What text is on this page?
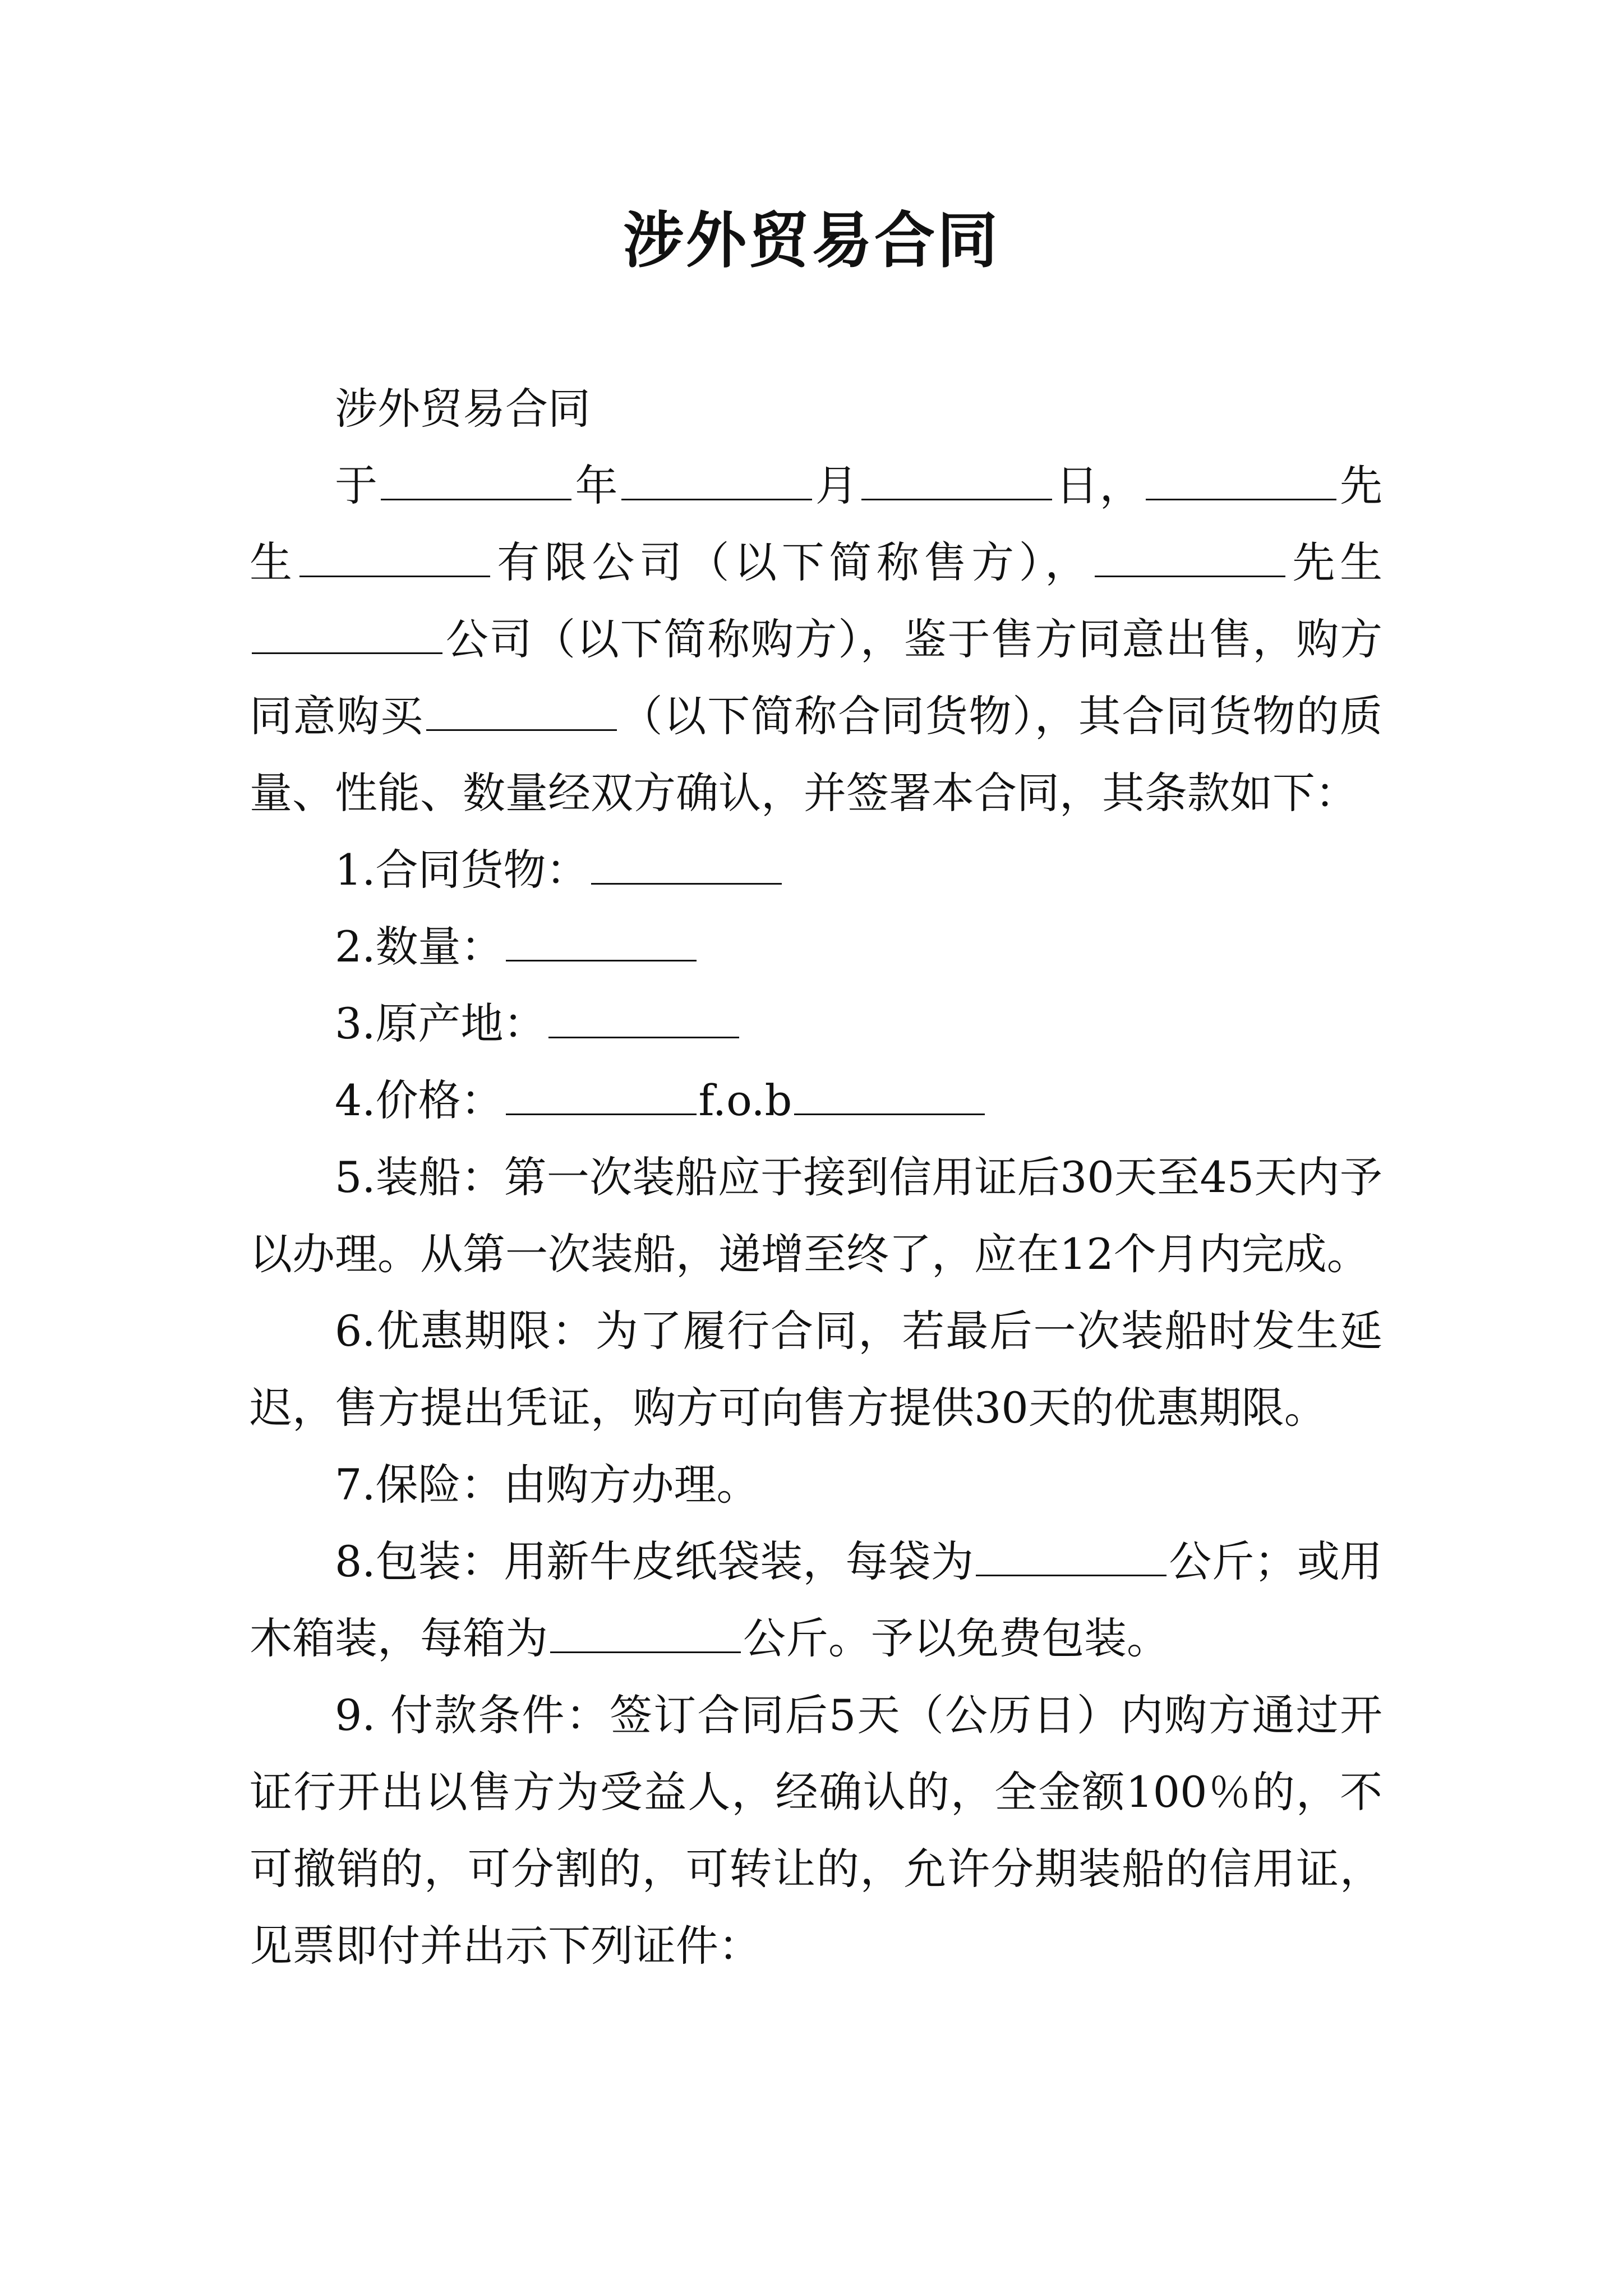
涉外贸易合同

涉外贸易合同

于	年	月	日，	先生	有限公司（以下简称售方），	先生公司（以下简称购方），鉴于售方同意出售，购方同意购买	（以下简称合同货物），其合同货物的质量、性能、数量经双方确认，并签署本合同，其条款如下：

1.合同货物：

2.数量：

3.原产地：

4.价格：	f.o.b

5.装船：第一次装船应于接到信用证后30天至45天内予以办理。从第一次装船，递增至终了，应在12个月内完成。

6.优惠期限：为了履行合同，若最后一次装船时发生延迟，售方提出凭证，购方可向售方提供30天的优惠期限。

7.保险：由购方办理。

8.包装：用新牛皮纸袋装，每袋为	公斤；或用木箱装，每箱为	公斤。予以免费包装。

9. 付款条件：签订合同后5天（公历日）内购方通过开证行开出以售方为受益人，经确认的，全金额100％的，不可撤销的，可分割的，可转让的，允许分期装船的信用证，见票即付并出示下列证件：
